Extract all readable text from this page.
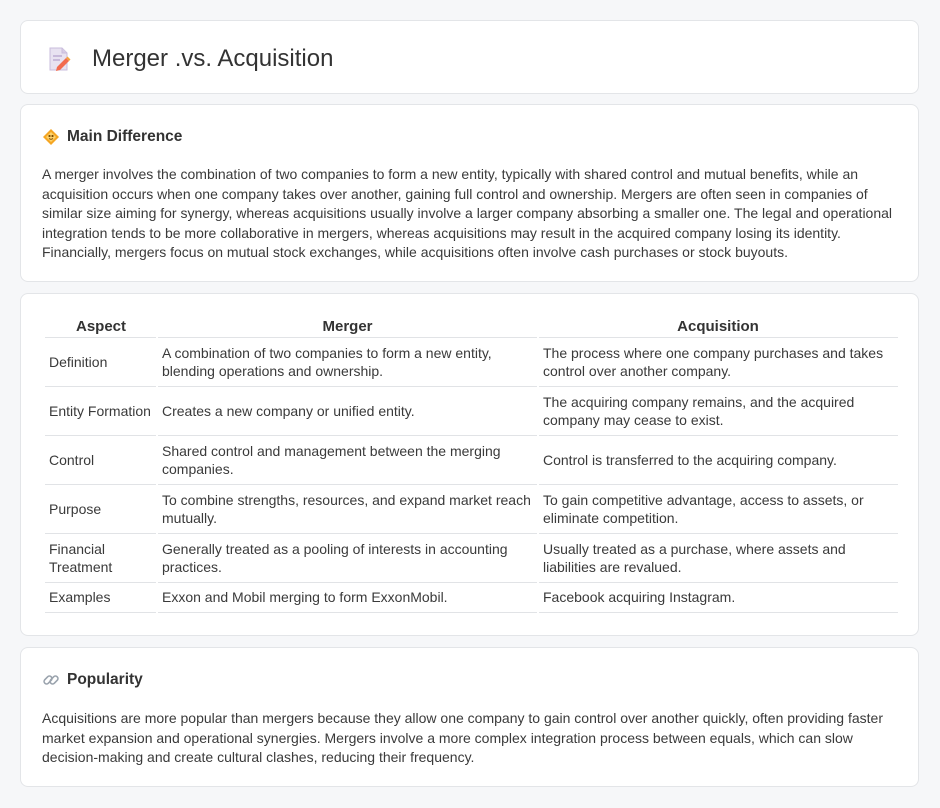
Merger .vs. Acquisition
Main Difference

A merger involves the combination of two companies to form a new entity, typically with shared control and mutual benefits, while an acquisition occurs when one company takes over another, gaining full control and ownership. Mergers are often seen in companies of similar size aiming for synergy, whereas acquisitions usually involve a larger company absorbing a smaller one. The legal and operational integration tends to be more collaborative in mergers, whereas acquisitions may result in the acquired company losing its identity. Financially, mergers focus on mutual stock exchanges, while acquisitions often involve cash purchases or stock buyouts.

Aspect	Merger	Acquisition
Definition	A combination of two companies to form a new entity, blending operations and ownership.	The process where one company purchases and takes control over another company.
Entity Formation	Creates a new company or unified entity.	The acquiring company remains, and the acquired company may cease to exist.
Control	Shared control and management between the merging companies.	Control is transferred to the acquiring company.
Purpose	To combine strengths, resources, and expand market reach mutually.	To gain competitive advantage, access to assets, or eliminate competition.
Financial Treatment	Generally treated as a pooling of interests in accounting practices.	Usually treated as a purchase, where assets and liabilities are revalued.
Examples	Exxon and Mobil merging to form ExxonMobil.	Facebook acquiring Instagram.
Popularity

Acquisitions are more popular than mergers because they allow one company to gain control over another quickly, often providing faster market expansion and operational synergies. Mergers involve a more complex integration process between equals, which can slow decision-making and create cultural clashes, reducing their frequency.
